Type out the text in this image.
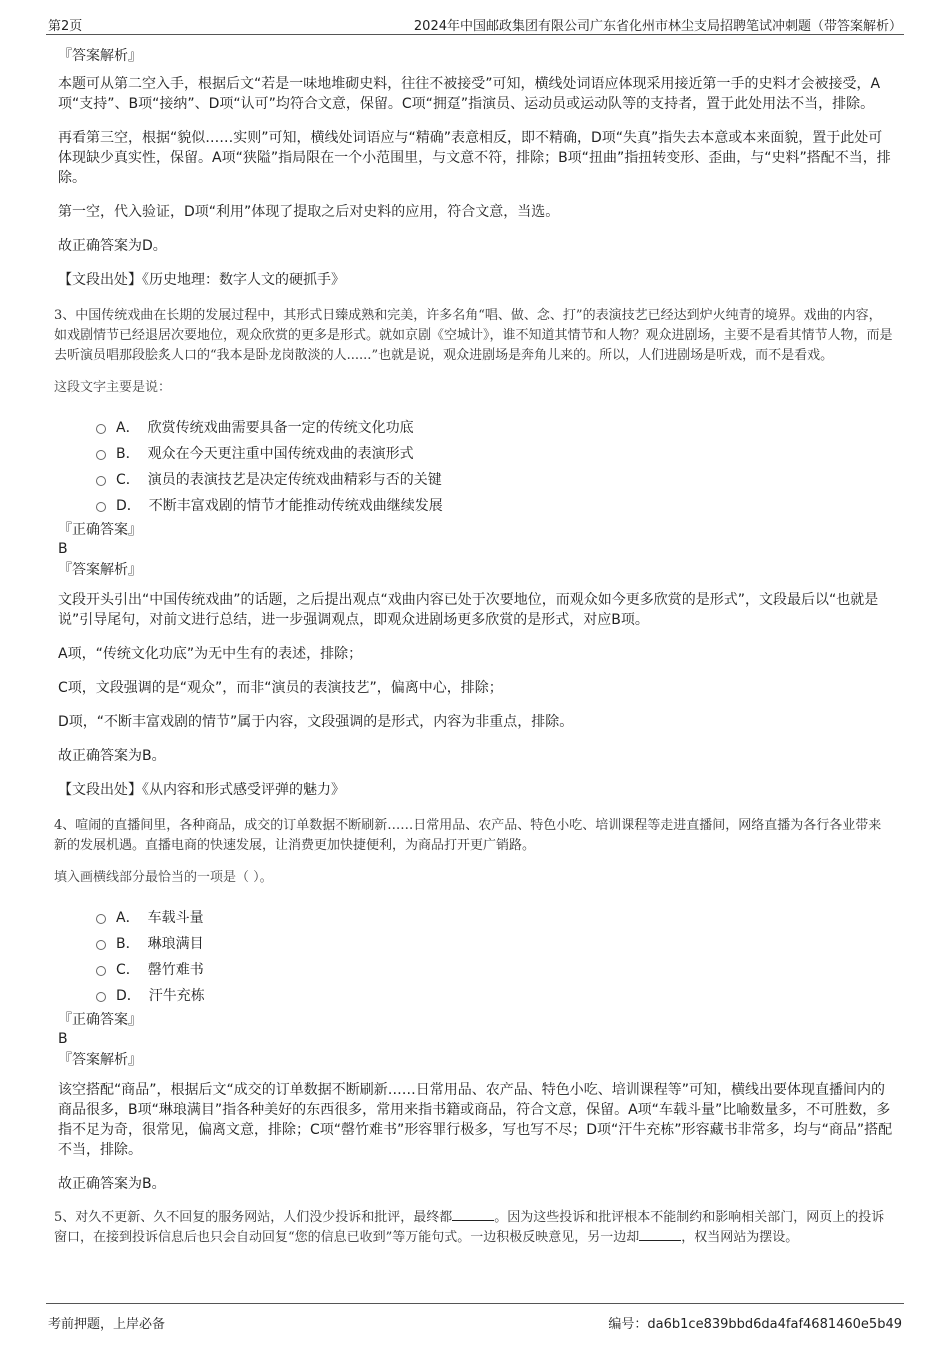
第2页	2024年中国邮政集团有限公司广东省化州市林尘支局招聘笔试冲刺题（带答案解析）
『答案解析』

本题可从第二空入手，根据后文“若是一味地堆砌史料，往往不被接受”可知，横线处词语应体现采用接近第一手的史料才会被接受，A项“支持”、B项“接纳”、D项“认可”均符合文意，保留。C项“拥趸”指演员、运动员或运动队等的支持者，置于此处用法不当，排除。

再看第三空，根据“貌似……实则”可知，横线处词语应与“精确”表意相反，即不精确，D项“失真”指失去本意或本来面貌，置于此处可体现缺少真实性，保留。A项“狭隘”指局限在一个小范围里，与文意不符，排除；B项“扭曲”指扭转变形、歪曲，与“史料”搭配不当，排除。

第一空，代入验证，D项“利用”体现了提取之后对史料的应用，符合文意，当选。

故正确答案为D。

【文段出处】《历史地理：数字人文的硬抓手》

3、中国传统戏曲在长期的发展过程中，其形式日臻成熟和完美，许多名角“唱、做、念、打”的表演技艺已经达到炉火纯青的境界。戏曲的内容，如戏剧情节已经退居次要地位，观众欣赏的更多是形式。就如京剧《空城计》，谁不知道其情节和人物？观众进剧场，主要不是看其情节人物，而是去听演员唱那段脍炙人口的“我本是卧龙岗散淡的人......”也就是说，观众进剧场是奔角儿来的。所以，人们进剧场是听戏，而不是看戏。

这段文字主要是说：

A． 欣赏传统戏曲需要具备一定的传统文化功底
B． 观众在今天更注重中国传统戏曲的表演形式
C． 演员的表演技艺是决定传统戏曲精彩与否的关键
D． 不断丰富戏剧的情节才能推动传统戏曲继续发展
『正确答案』
B
『答案解析』

文段开头引出“中国传统戏曲”的话题，之后提出观点“戏曲内容已处于次要地位，而观众如今更多欣赏的是形式”，文段最后以“也就是说”引导尾句，对前文进行总结，进一步强调观点，即观众进剧场更多欣赏的是形式，对应B项。

A项，“传统文化功底”为无中生有的表述，排除；

C项，文段强调的是“观众”，而非“演员的表演技艺”，偏离中心，排除；

D项，“不断丰富戏剧的情节”属于内容，文段强调的是形式，内容为非重点，排除。

故正确答案为B。

【文段出处】《从内容和形式感受评弹的魅力》

4、喧闹的直播间里，各种商品，成交的订单数据不断刷新……日常用品、农产品、特色小吃、培训课程等走进直播间，网络直播为各行各业带来新的发展机遇。直播电商的快速发展，让消费更加快捷便利，为商品打开更广销路。

填入画横线部分最恰当的一项是（ ）。

A． 车载斗量
B． 琳琅满目
C． 罄竹难书
D． 汗牛充栋
『正确答案』
B
『答案解析』

该空搭配“商品”，根据后文“成交的订单数据不断刷新……日常用品、农产品、特色小吃、培训课程等”可知，横线出要体现直播间内的商品很多，B项“琳琅满目”指各种美好的东西很多，常用来指书籍或商品，符合文意，保留。A项“车载斗量”比喻数量多，不可胜数，多指不足为奇，很常见，偏离文意，排除；C项“罄竹难书”形容罪行极多，写也写不尽；D项“汗牛充栋”形容藏书非常多，均与“商品”搭配不当，排除。

故正确答案为B。

5、对久不更新、久不回复的服务网站，人们没少投诉和批评，最终都	。因为这些投诉和批评根本不能制约和影响相关部门，网页上的投诉窗口，在接到投诉信息后也只会自动回复“您的信息已收到”等万能句式。一边积极反映意见，另一边却	，权当网站为摆设。

考前押题，上岸必备	编号：da6b1ce839bbd6da4faf4681460e5b49
